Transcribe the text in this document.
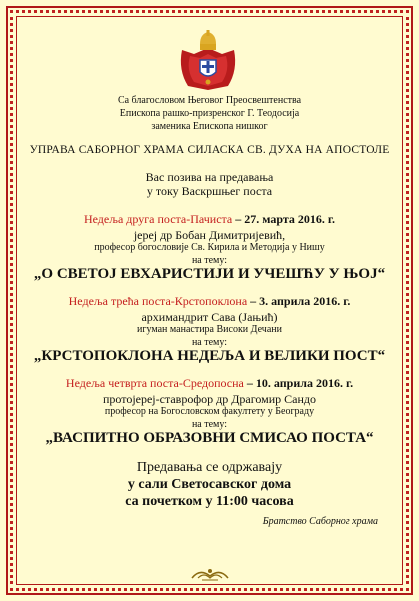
Са благословом Његовог Преосвештенства
Епископа рашко-призренског Г. Теодосија
заменика Епископа нишког
УПРАВА САБОРНОГ ХРАМА СИЛАСКА СВ. ДУХА НА АПОСТОЛЕ
Вас позива на предавања
у току Васкршњег поста
Недеља друга поста-Пачиста – 27. марта 2016. г.
јереј др Бобан Димитријевић,
професор богословије Св. Кирила и Методија у Нишу
на тему:
„О СВЕТОЈ ЕВХАРИСТИЈИ И УЧЕШЋУ У ЊОЈ“
Недеља трећа поста-Крстопоклона – 3. априла 2016. г.
архимандрит Сава (Јањић)
игуман манастира Високи Дечани
на тему:
„КРСТОПОКЛОНА НЕДЕЉА И ВЕЛИКИ ПОСТ“
Недеља четврта поста-Средопосна – 10. априла 2016. г.
протојереј-ставрофор др Драгомир Сандо
професор на Богословском факултету у Београду
на тему:
„ВАСПИТНО ОБРАЗОВНИ СМИСАО ПОСТА“
Предавања се одржавају
у сали Светосавског дома
са почетком у 11:00 часова
Братство Саборног храма
